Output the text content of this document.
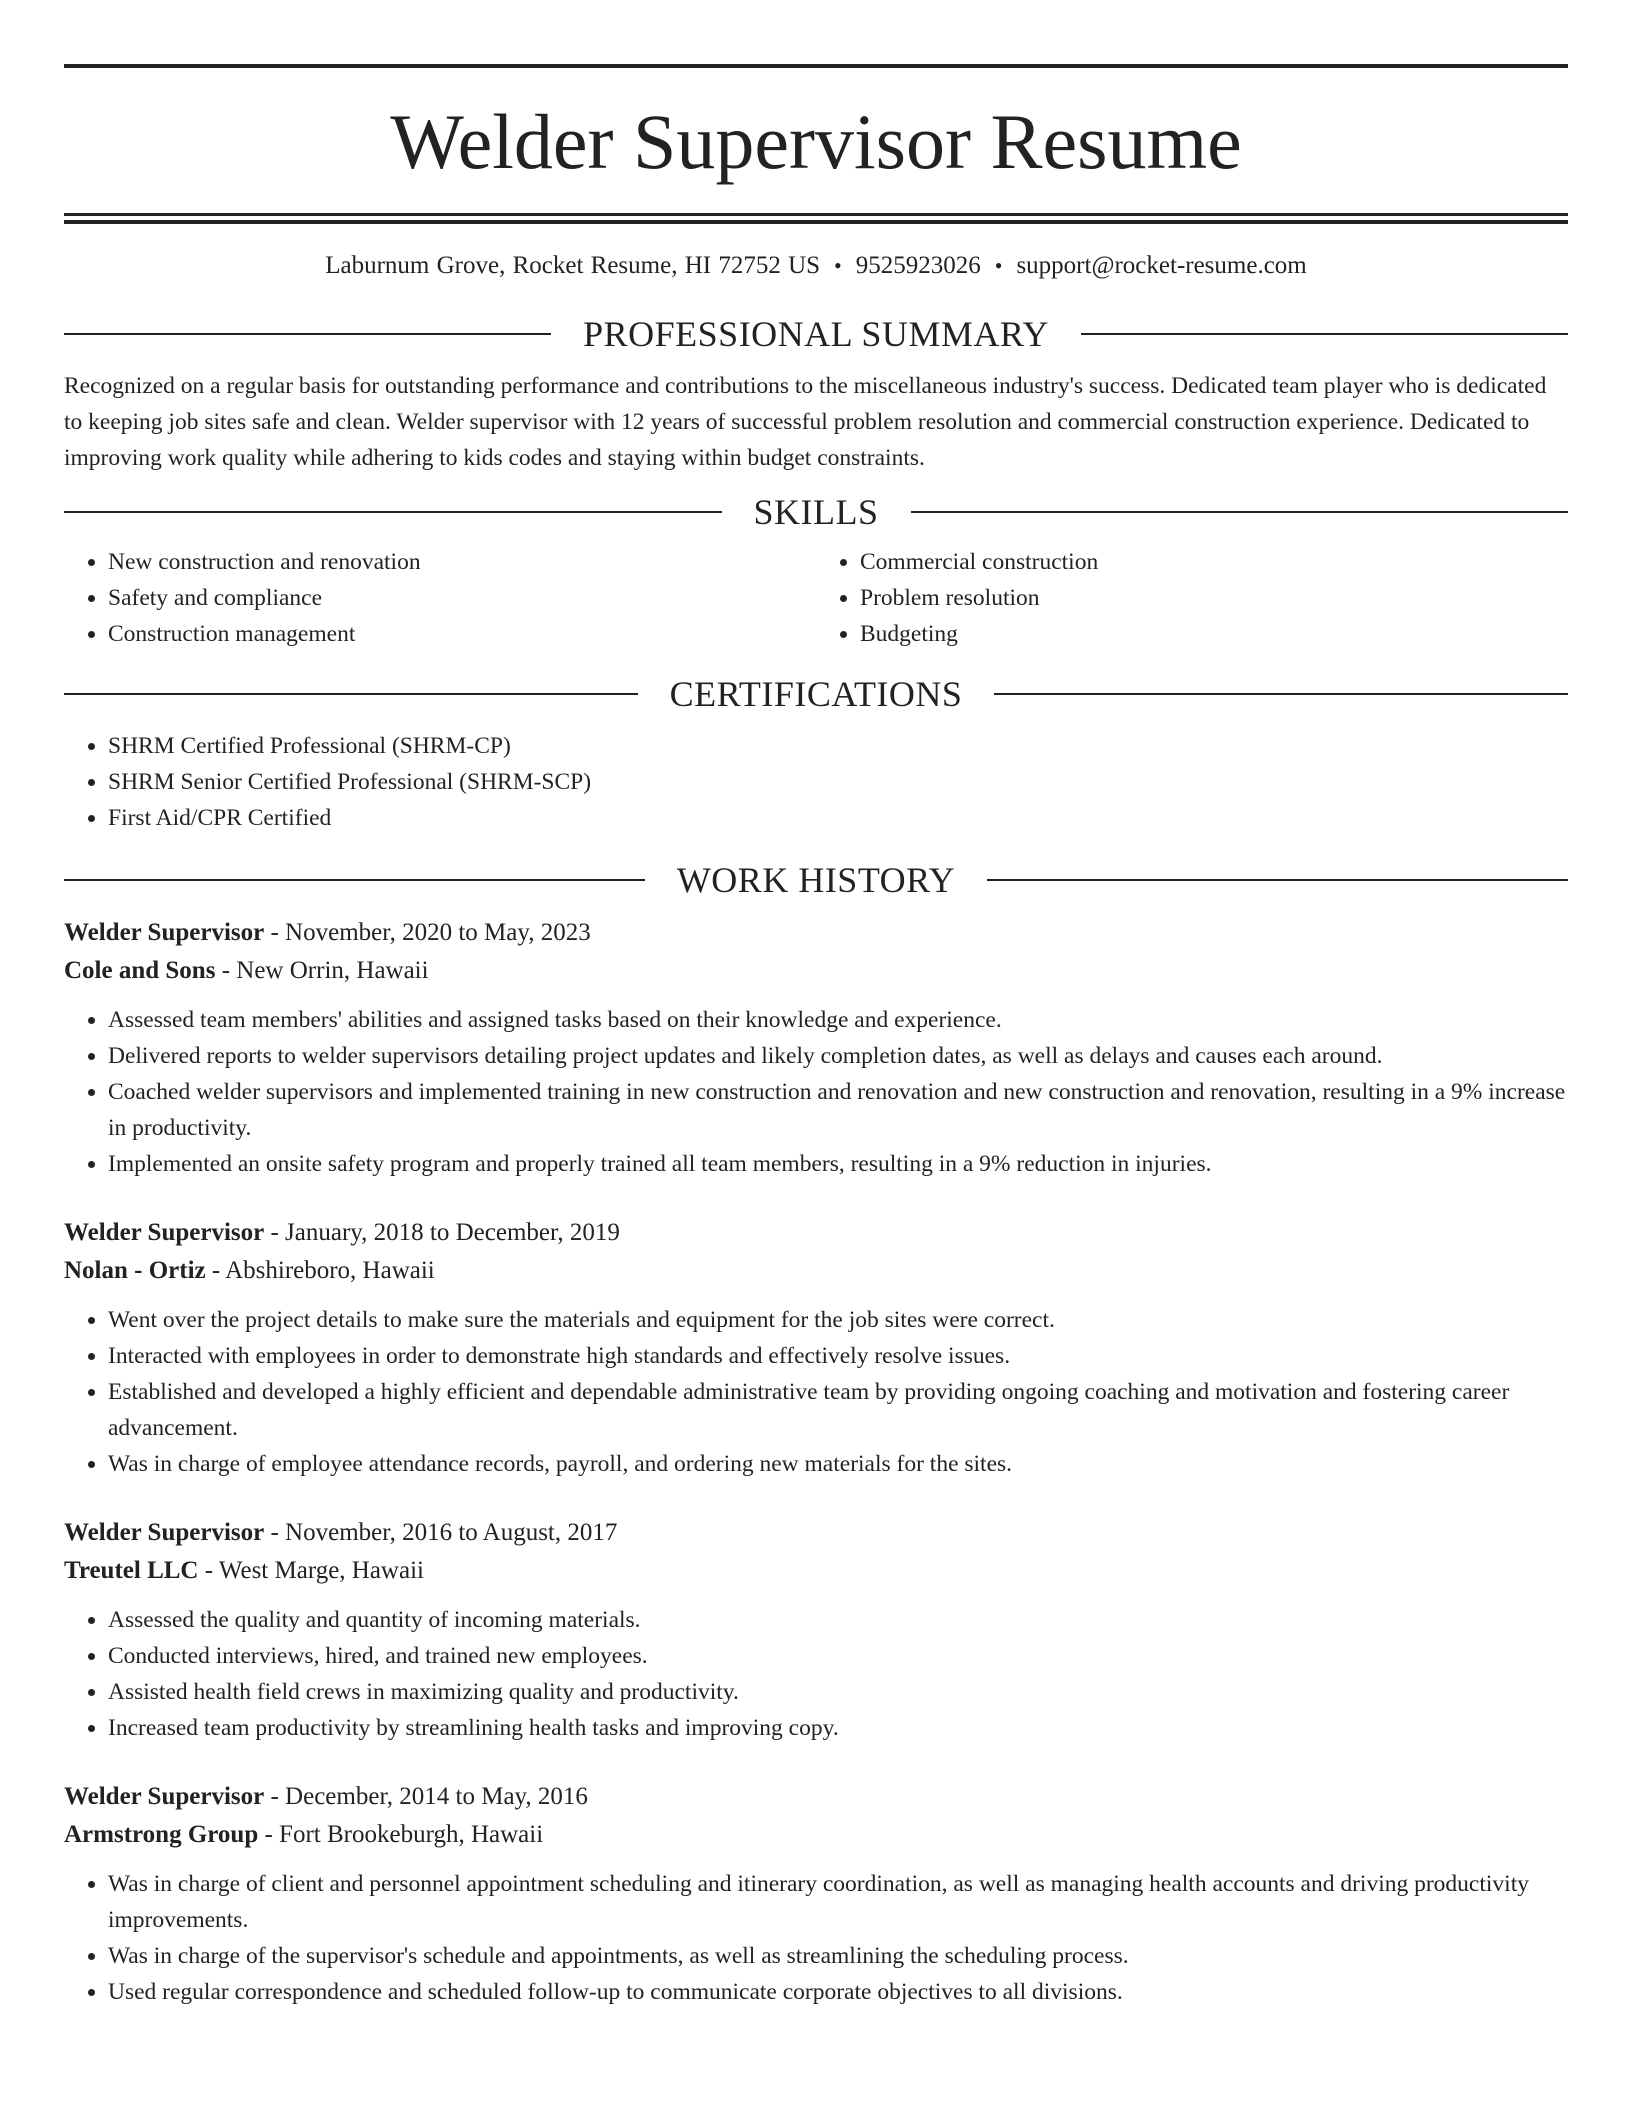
Welder Supervisor Resume
Laburnum Grove, Rocket Resume, HI 72752 US • 9525923026 • support@rocket-resume.com
PROFESSIONAL SUMMARY

Recognized on a regular basis for outstanding performance and contributions to the miscellaneous industry's success. Dedicated team player who is dedicated to keeping job sites safe and clean. Welder supervisor with 12 years of successful problem resolution and commercial construction experience. Dedicated to improving work quality while adhering to kids codes and staying within budget constraints.

SKILLS
• New construction and renovation
• Safety and compliance
• Construction management
• Commercial construction
• Problem resolution
• Budgeting
CERTIFICATIONS
• SHRM Certified Professional (SHRM-CP)
• SHRM Senior Certified Professional (SHRM-SCP)
• First Aid/CPR Certified
WORK HISTORY
Welder Supervisor - November, 2020 to May, 2023
Cole and Sons - New Orrin, Hawaii
• Assessed team members' abilities and assigned tasks based on their knowledge and experience.
• Delivered reports to welder supervisors detailing project updates and likely completion dates, as well as delays and causes each around.
• Coached welder supervisors and implemented training in new construction and renovation and new construction and renovation, resulting in a 9% increase in productivity.
• Implemented an onsite safety program and properly trained all team members, resulting in a 9% reduction in injuries.
Welder Supervisor - January, 2018 to December, 2019
Nolan - Ortiz - Abshireboro, Hawaii
• Went over the project details to make sure the materials and equipment for the job sites were correct.
• Interacted with employees in order to demonstrate high standards and effectively resolve issues.
• Established and developed a highly efficient and dependable administrative team by providing ongoing coaching and motivation and fostering career advancement.
• Was in charge of employee attendance records, payroll, and ordering new materials for the sites.
Welder Supervisor - November, 2016 to August, 2017
Treutel LLC - West Marge, Hawaii
• Assessed the quality and quantity of incoming materials.
• Conducted interviews, hired, and trained new employees.
• Assisted health field crews in maximizing quality and productivity.
• Increased team productivity by streamlining health tasks and improving copy.
Welder Supervisor - December, 2014 to May, 2016
Armstrong Group - Fort Brookeburgh, Hawaii
• Was in charge of client and personnel appointment scheduling and itinerary coordination, as well as managing health accounts and driving productivity improvements.
• Was in charge of the supervisor's schedule and appointments, as well as streamlining the scheduling process.
• Used regular correspondence and scheduled follow-up to communicate corporate objectives to all divisions.
